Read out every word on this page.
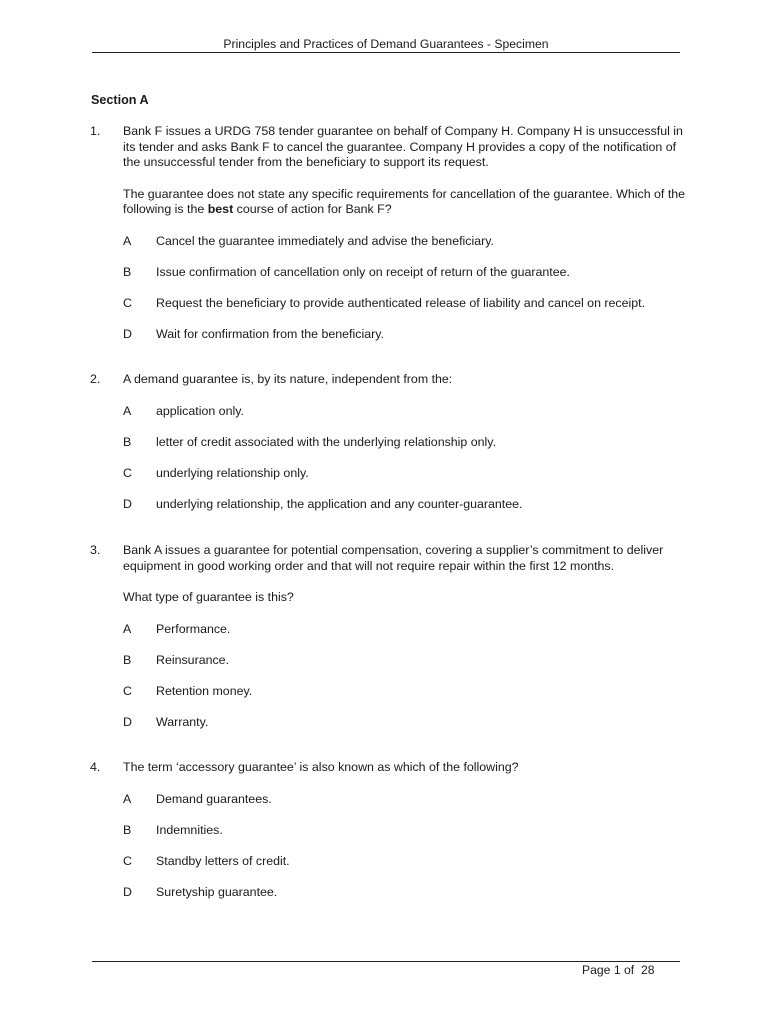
Principles and Practices of Demand Guarantees - Specimen
Section A
1. Bank F issues a URDG 758 tender guarantee on behalf of Company H. Company H is unsuccessful in its tender and asks Bank F to cancel the guarantee. Company H provides a copy of the notification of the unsuccessful tender from the beneficiary to support its request.

The guarantee does not state any specific requirements for cancellation of the guarantee. Which of the following is the best course of action for Bank F?

A Cancel the guarantee immediately and advise the beneficiary.
B Issue confirmation of cancellation only on receipt of return of the guarantee.
C Request the beneficiary to provide authenticated release of liability and cancel on receipt.
D Wait for confirmation from the beneficiary.
2. A demand guarantee is, by its nature, independent from the:

A application only.
B letter of credit associated with the underlying relationship only.
C underlying relationship only.
D underlying relationship, the application and any counter-guarantee.
3. Bank A issues a guarantee for potential compensation, covering a supplier’s commitment to deliver equipment in good working order and that will not require repair within the first 12 months.

What type of guarantee is this?

A Performance.
B Reinsurance.
C Retention money.
D Warranty.
4. The term ‘accessory guarantee’ is also known as which of the following?

A Demand guarantees.
B Indemnities.
C Standby letters of credit.
D Suretyship guarantee.
Page 1 of 28
